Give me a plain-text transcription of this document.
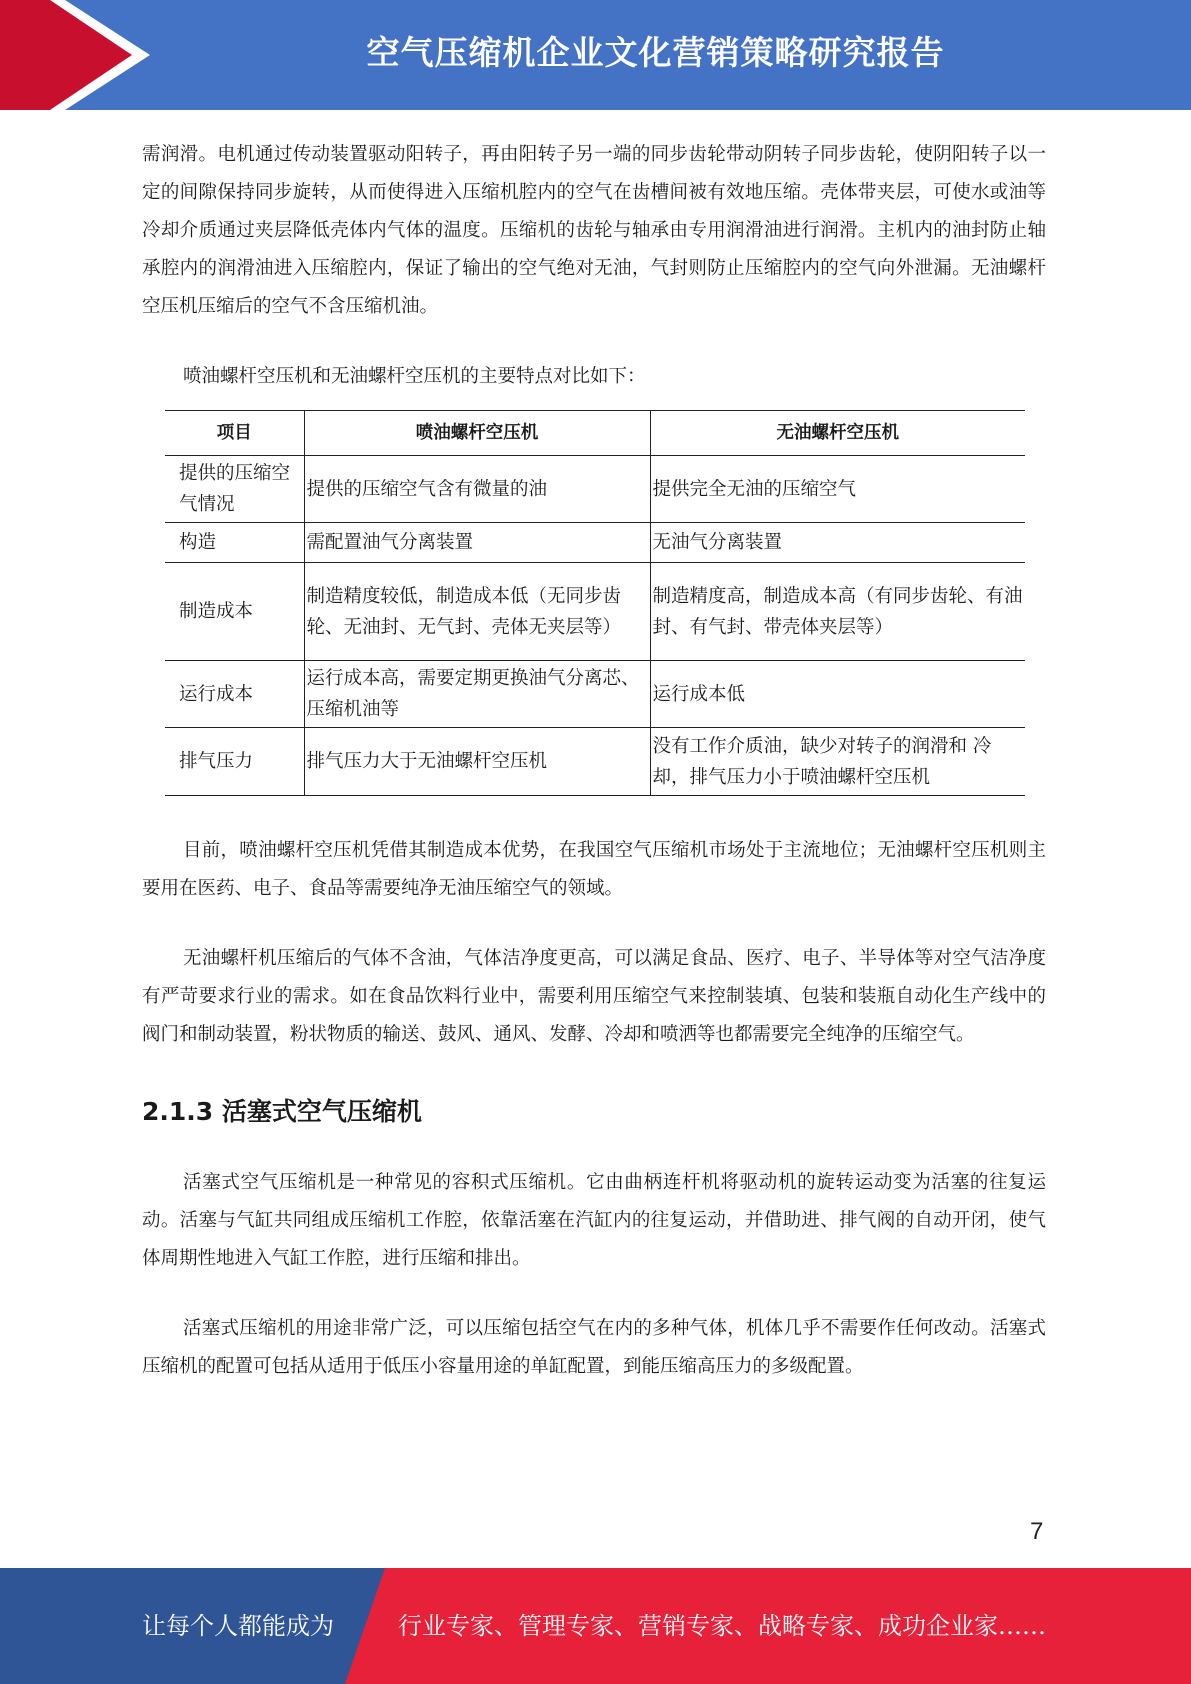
空气压缩机企业文化营销策略研究报告

需润滑。电机通过传动装置驱动阳转子，再由阳转子另一端的同步齿轮带动阴转子同步齿轮，使阴阳转子以一定的间隙保持同步旋转，从而使得进入压缩机腔内的空气在齿槽间被有效地压缩。壳体带夹层，可使水或油等冷却介质通过夹层降低壳体内气体的温度。压缩机的齿轮与轴承由专用润滑油进行润滑。主机内的油封防止轴承腔内的润滑油进入压缩腔内，保证了输出的空气绝对无油，气封则防止压缩腔内的空气向外泄漏。无油螺杆空压机压缩后的空气不含压缩机油。

喷油螺杆空压机和无油螺杆空压机的主要特点对比如下：

项目	喷油螺杆空压机	无油螺杆空压机
提供的压缩空气情况	提供的压缩空气含有微量的油	提供完全无油的压缩空气
构造	需配置油气分离装置	无油气分离装置
制造成本	制造精度较低，制造成本低（无同步齿轮、无油封、无气封、壳体无夹层等）	制造精度高，制造成本高（有同步齿轮、有油封、有气封、带壳体夹层等）
运行成本	运行成本高，需要定期更换油气分离芯、压缩机油等	运行成本低
排气压力	排气压力大于无油螺杆空压机	没有工作介质油，缺少对转子的润滑和 冷却，排气压力小于喷油螺杆空压机

目前，喷油螺杆空压机凭借其制造成本优势，在我国空气压缩机市场处于主流地位；无油螺杆空压机则主要用在医药、电子、食品等需要纯净无油压缩空气的领域。

无油螺杆机压缩后的气体不含油，气体洁净度更高，可以满足食品、医疗、电子、半导体等对空气洁净度有严苛要求行业的需求。如在食品饮料行业中，需要利用压缩空气来控制装填、包装和装瓶自动化生产线中的阀门和制动装置，粉状物质的输送、鼓风、通风、发酵、冷却和喷洒等也都需要完全纯净的压缩空气。

2.1.3 活塞式空气压缩机

活塞式空气压缩机是一种常见的容积式压缩机。它由曲柄连杆机将驱动机的旋转运动变为活塞的往复运动。活塞与气缸共同组成压缩机工作腔，依靠活塞在汽缸内的往复运动，并借助进、排气阀的自动开闭，使气体周期性地进入气缸工作腔，进行压缩和排出。

活塞式压缩机的用途非常广泛，可以压缩包括空气在内的多种气体，机体几乎不需要作任何改动。活塞式压缩机的配置可包括从适用于低压小容量用途的单缸配置，到能压缩高压力的多级配置。

7
让每个人都能成为	行业专家、管理专家、营销专家、战略专家、成功企业家……
